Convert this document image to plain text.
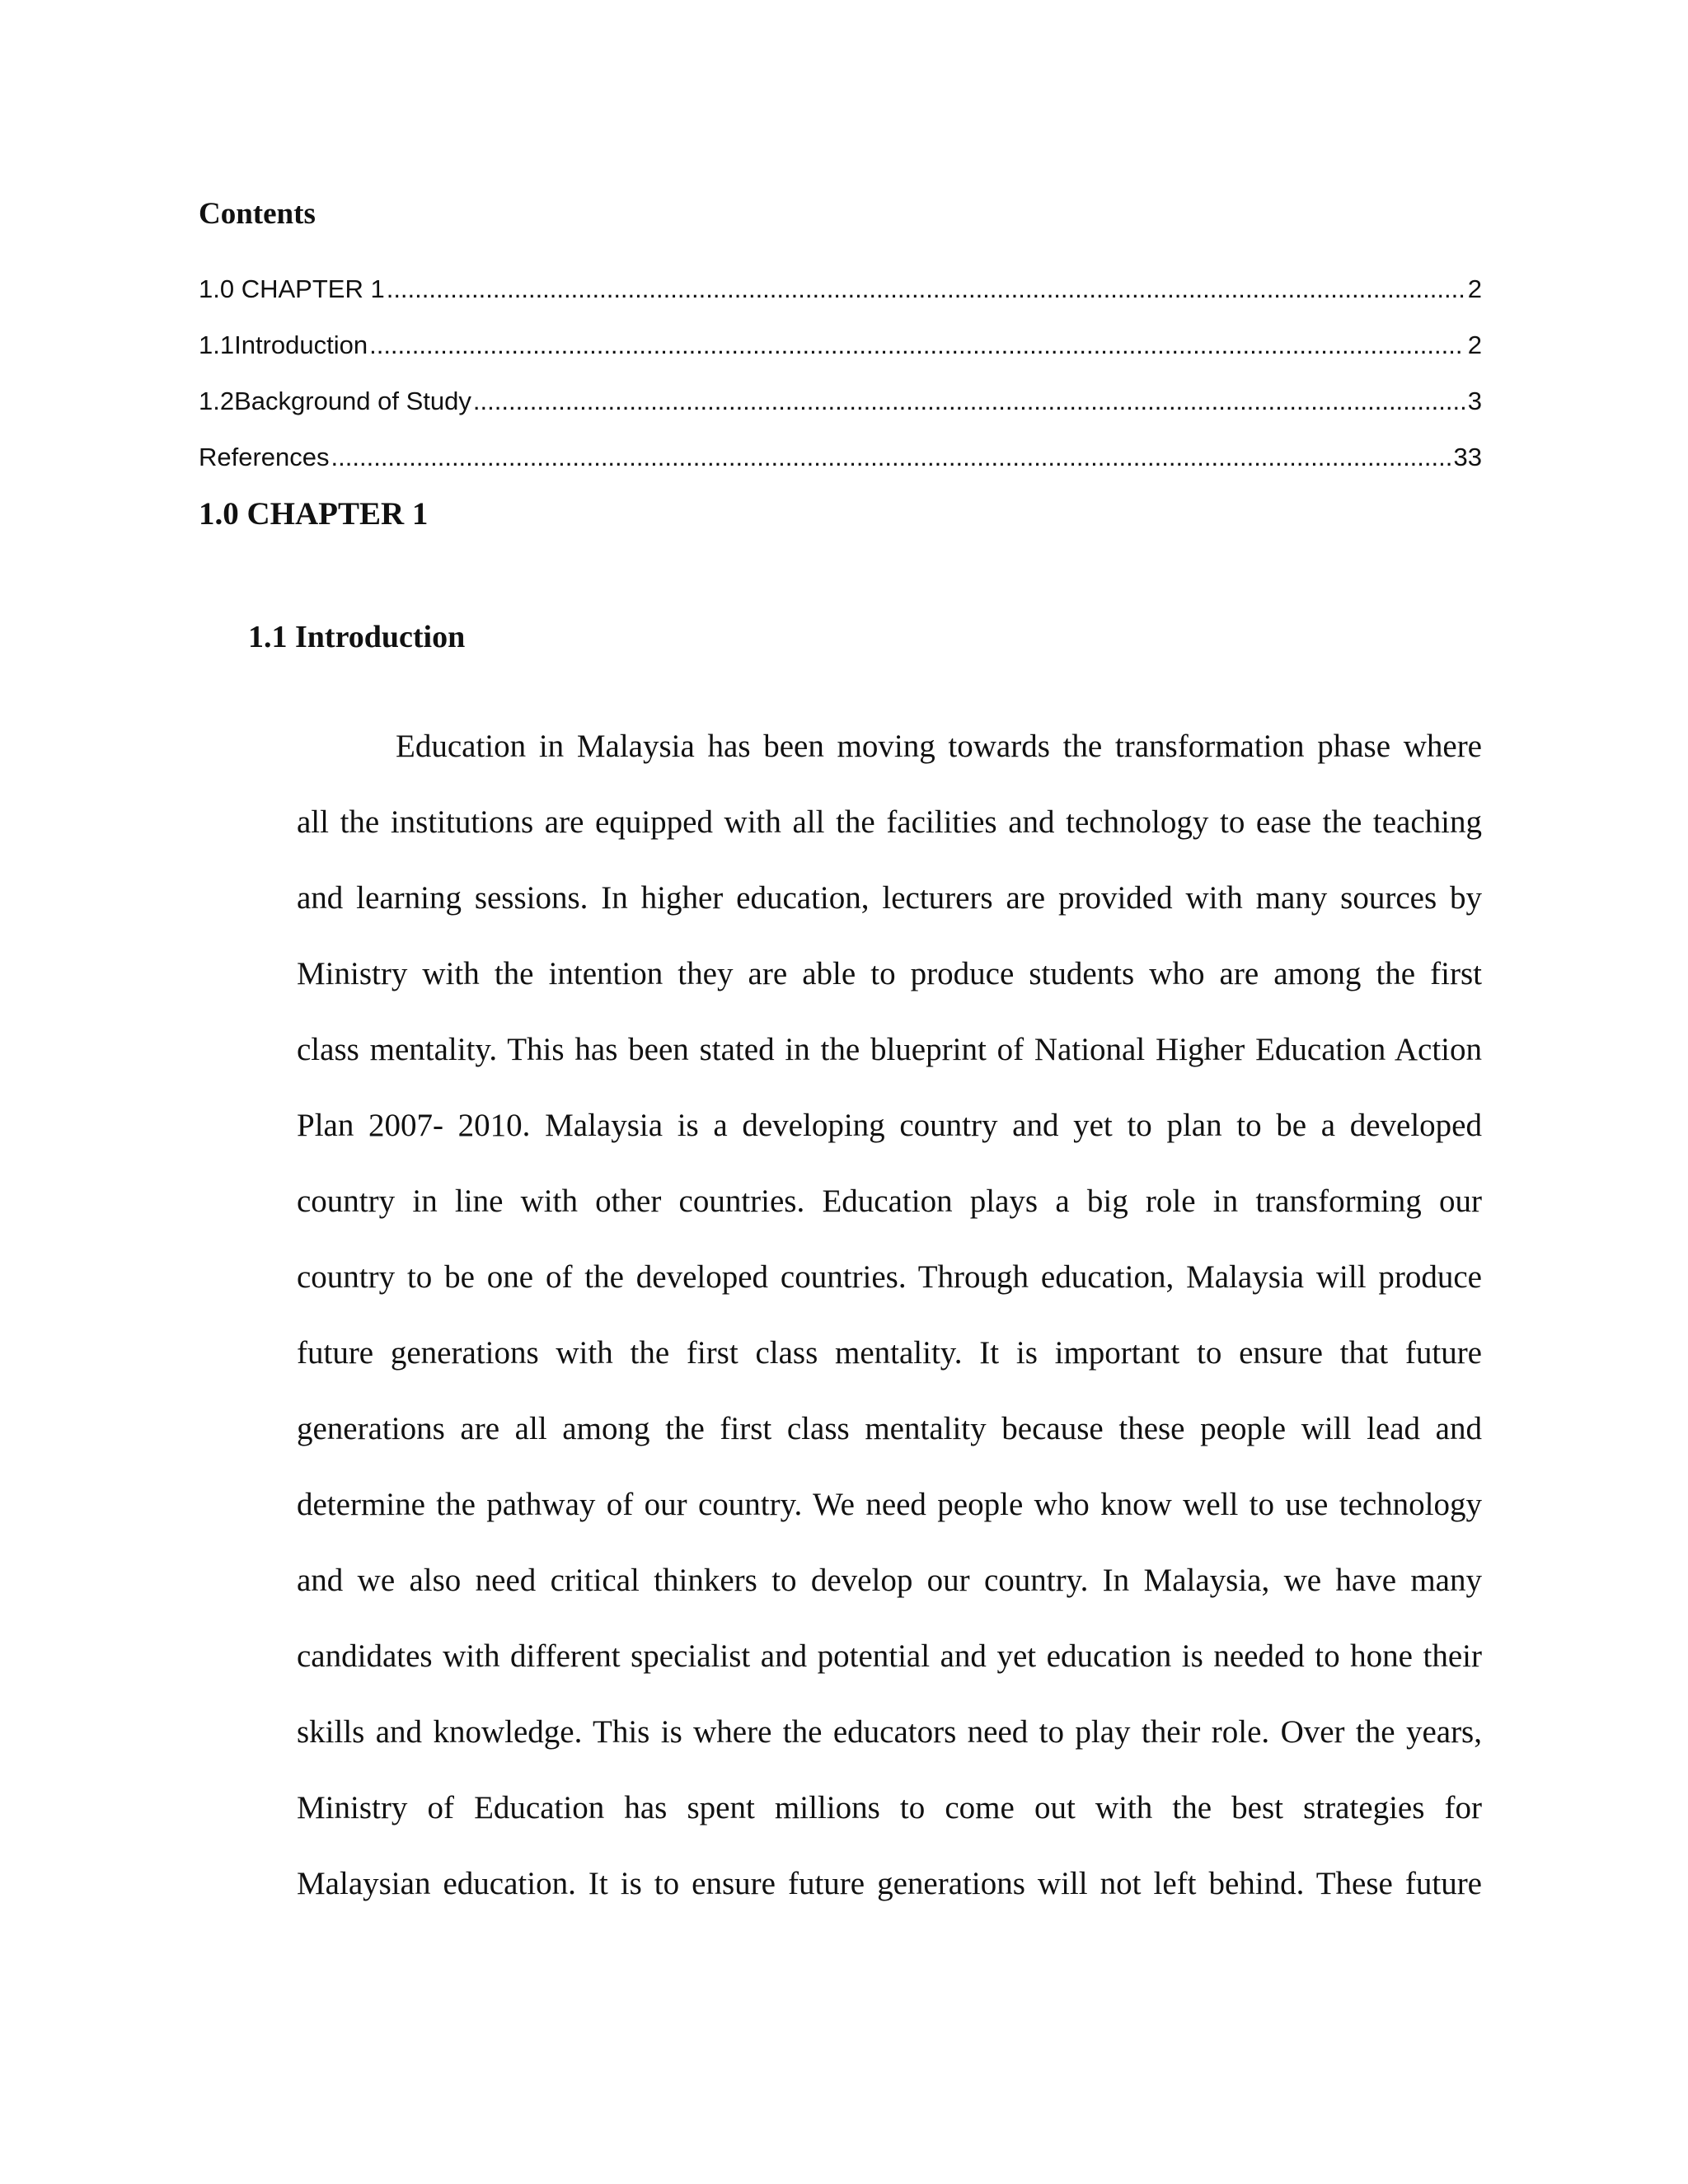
Contents
1.0 CHAPTER 1 .....	2
1.1Introduction .....	2
1.2Background of Study .....	3
References .....	33
1.0 CHAPTER 1
1.1 Introduction
Education in Malaysia has been moving towards the transformation phase where
all the institutions are equipped with all the facilities and technology to ease the teaching
and learning sessions. In higher education, lecturers are provided with many sources by
Ministry with the intention they are able to produce students who are among the first
class mentality. This has been stated in the blueprint of National Higher Education Action
Plan 2007- 2010. Malaysia is a developing country and yet to plan to be a developed
country in line with other countries. Education plays a big role in transforming our
country to be one of the developed countries. Through education, Malaysia will produce
future generations with the first class mentality. It is important to ensure that future
generations are all among the first class mentality because these people will lead and
determine the pathway of our country. We need people who know well to use technology
and we also need critical thinkers to develop our country. In Malaysia, we have many
candidates with different specialist and potential and yet education is needed to hone their
skills and knowledge. This is where the educators need to play their role. Over the years,
Ministry of Education has spent millions to come out with the best strategies for
Malaysian education. It is to ensure future generations will not left behind. These future
